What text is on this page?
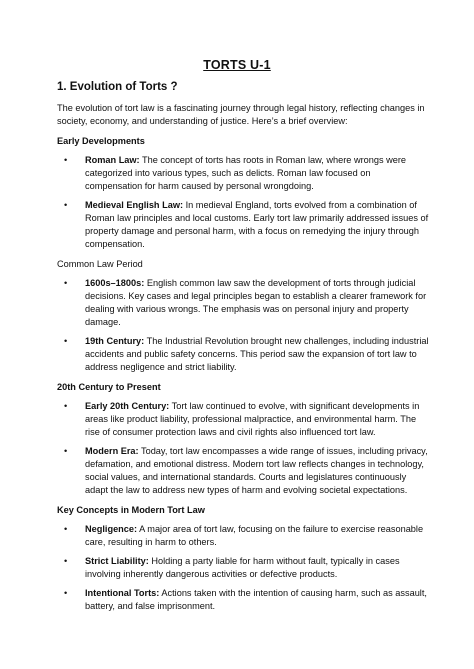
TORTS U-1
1. Evolution of Torts ?

The evolution of tort law is a fascinating journey through legal history, reflecting changes in society, economy, and understanding of justice. Here’s a brief overview:

Early Developments
• Roman Law: The concept of torts has roots in Roman law, where wrongs were categorized into various types, such as delicts. Roman law focused on compensation for harm caused by personal wrongdoing.
• Medieval English Law: In medieval England, torts evolved from a combination of Roman law principles and local customs. Early tort law primarily addressed issues of property damage and personal harm, with a focus on remedying the injury through compensation.
Common Law Period
• 1600s–1800s: English common law saw the development of torts through judicial decisions. Key cases and legal principles began to establish a clearer framework for dealing with various wrongs. The emphasis was on personal injury and property damage.
• 19th Century: The Industrial Revolution brought new challenges, including industrial accidents and public safety concerns. This period saw the expansion of tort law to address negligence and strict liability.
20th Century to Present
• Early 20th Century: Tort law continued to evolve, with significant developments in areas like product liability, professional malpractice, and environmental harm. The rise of consumer protection laws and civil rights also influenced tort law.
• Modern Era: Today, tort law encompasses a wide range of issues, including privacy, defamation, and emotional distress. Modern tort law reflects changes in technology, social values, and international standards. Courts and legislatures continuously adapt the law to address new types of harm and evolving societal expectations.
Key Concepts in Modern Tort Law
• Negligence: A major area of tort law, focusing on the failure to exercise reasonable care, resulting in harm to others.
• Strict Liability: Holding a party liable for harm without fault, typically in cases involving inherently dangerous activities or defective products.
• Intentional Torts: Actions taken with the intention of causing harm, such as assault, battery, and false imprisonment.
